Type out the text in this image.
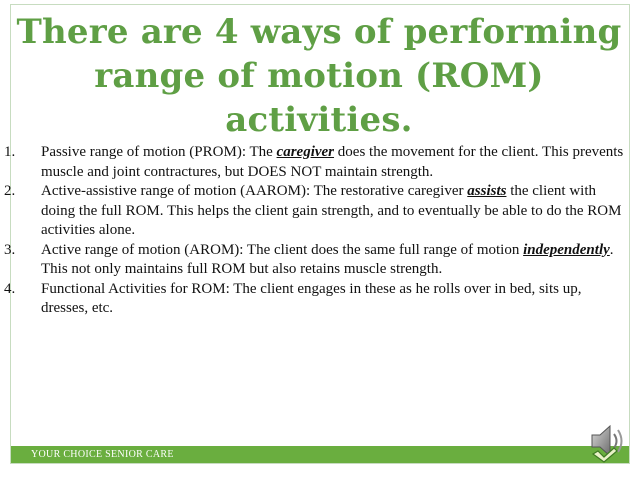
There are 4 ways of performing range of motion (ROM) activities.
1. Passive range of motion (PROM): The caregiver does the movement for the client. This prevents muscle and joint contractures, but DOES NOT maintain strength.
2. Active-assistive range of motion (AAROM): The restorative caregiver assists the client with doing the full ROM. This helps the client gain strength, and to eventually be able to do the ROM activities alone.
3. Active range of motion (AROM): The client does the same full range of motion independently. This not only maintains full ROM but also retains muscle strength.
4. Functional Activities for ROM: The client engages in these as he rolls over in bed, sits up, dresses, etc.
YOUR CHOICE SENIOR CARE
